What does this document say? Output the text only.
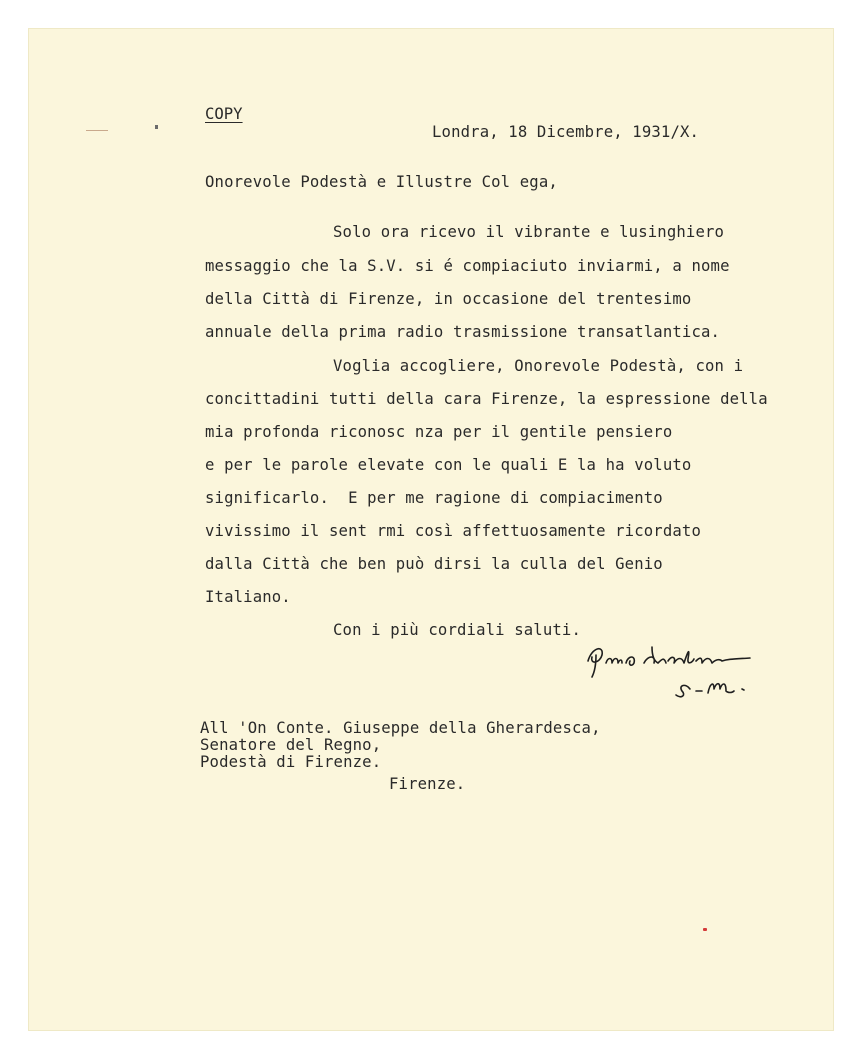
COPY
Londra, 18 Dicembre, 1931/X.
Onorevole Podestà e Illustre Col ega,
Solo ora ricevo il vibrante e lusinghiero
messaggio che la S.V. si é compiaciuto inviarmi, a nome
della Città di Firenze, in occasione del trentesimo
annuale della prima radio trasmissione transatlantica.
Voglia accogliere, Onorevole Podestà, con i
concittadini tutti della cara Firenze, la espressione della
mia profonda riconosc nza per il gentile pensiero
e per le parole elevate con le quali E la ha voluto
significarlo.  E per me ragione di compiacimento
vivissimo il sent rmi così affettuosamente ricordato
dalla Città che ben può dirsi la culla del Genio
Italiano.
Con i più cordiali saluti.
All 'On Conte. Giuseppe della Gherardesca,
Senatore del Regno,
Podestà di Firenze.
Firenze.
